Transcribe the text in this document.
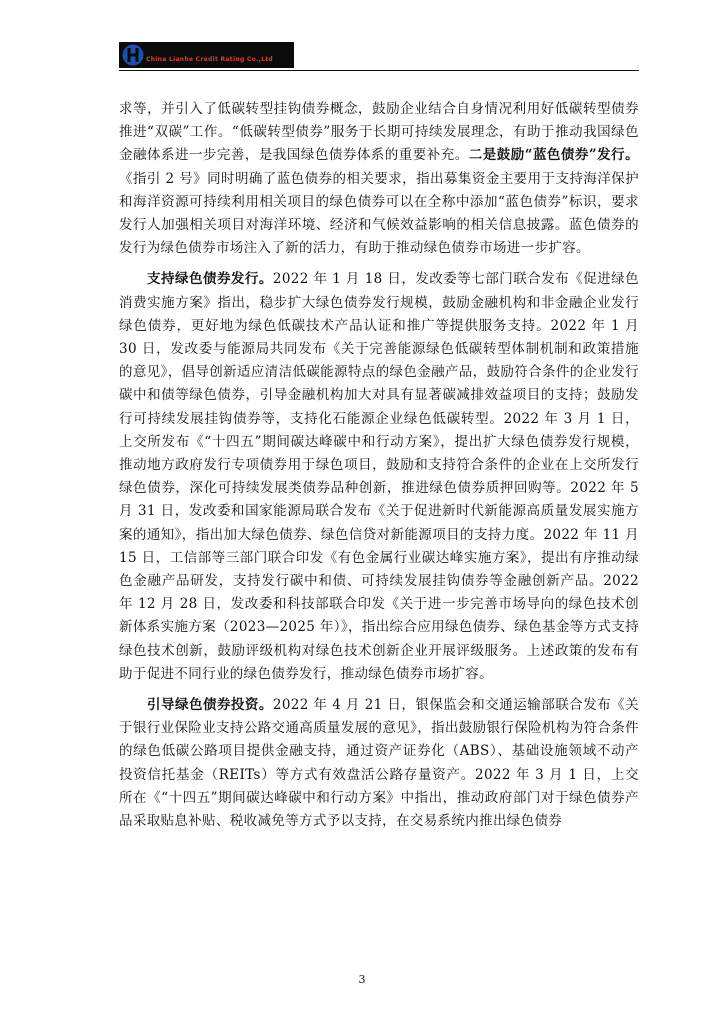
China Lianhe Credit Rating Co.,Ltd

求等，并引入了低碳转型挂钩债券概念，鼓励企业结合自身情况利用好低碳转型债券推进“双碳”工作。“低碳转型债券”服务于长期可持续发展理念，有助于推动我国绿色金融体系进一步完善，是我国绿色债券体系的重要补充。二是鼓励“蓝色债券”发行。《指引 2 号》同时明确了蓝色债券的相关要求，指出募集资金主要用于支持海洋保护和海洋资源可持续利用相关项目的绿色债券可以在全称中添加“蓝色债券”标识，要求发行人加强相关项目对海洋环境、经济和气候效益影响的相关信息披露。蓝色债券的发行为绿色债券市场注入了新的活力，有助于推动绿色债券市场进一步扩容。

支持绿色债券发行。2022 年 1 月 18 日，发改委等七部门联合发布《促进绿色消费实施方案》指出，稳步扩大绿色债券发行规模，鼓励金融机构和非金融企业发行绿色债券，更好地为绿色低碳技术产品认证和推广等提供服务支持。2022 年 1 月 30 日，发改委与能源局共同发布《关于完善能源绿色低碳转型体制机制和政策措施的意见》，倡导创新适应清洁低碳能源特点的绿色金融产品，鼓励符合条件的企业发行碳中和债等绿色债券，引导金融机构加大对具有显著碳减排效益项目的支持；鼓励发行可持续发展挂钩债券等，支持化石能源企业绿色低碳转型。2022 年 3 月 1 日，上交所发布《“十四五”期间碳达峰碳中和行动方案》，提出扩大绿色债券发行规模，推动地方政府发行专项债券用于绿色项目，鼓励和支持符合条件的企业在上交所发行绿色债券，深化可持续发展类债券品种创新，推进绿色债券质押回购等。2022 年 5 月 31 日，发改委和国家能源局联合发布《关于促进新时代新能源高质量发展实施方案的通知》，指出加大绿色债券、绿色信贷对新能源项目的支持力度。2022 年 11 月 15 日，工信部等三部门联合印发《有色金属行业碳达峰实施方案》，提出有序推动绿色金融产品研发，支持发行碳中和债、可持续发展挂钩债券等金融创新产品。2022 年 12 月 28 日，发改委和科技部联合印发《关于进一步完善市场导向的绿色技术创新体系实施方案（2023—2025 年）》，指出综合应用绿色债券、绿色基金等方式支持绿色技术创新，鼓励评级机构对绿色技术创新企业开展评级服务。上述政策的发布有助于促进不同行业的绿色债券发行，推动绿色债券市场扩容。

引导绿色债券投资。2022 年 4 月 21 日，银保监会和交通运输部联合发布《关于银行业保险业支持公路交通高质量发展的意见》，指出鼓励银行保险机构为符合条件的绿色低碳公路项目提供金融支持，通过资产证券化（ABS）、基础设施领域不动产投资信托基金（REITs）等方式有效盘活公路存量资产。2022 年 3 月 1 日，上交所在《“十四五”期间碳达峰碳中和行动方案》中指出，推动政府部门对于绿色债券产品采取贴息补贴、税收减免等方式予以支持，在交易系统内推出绿色债券

3
